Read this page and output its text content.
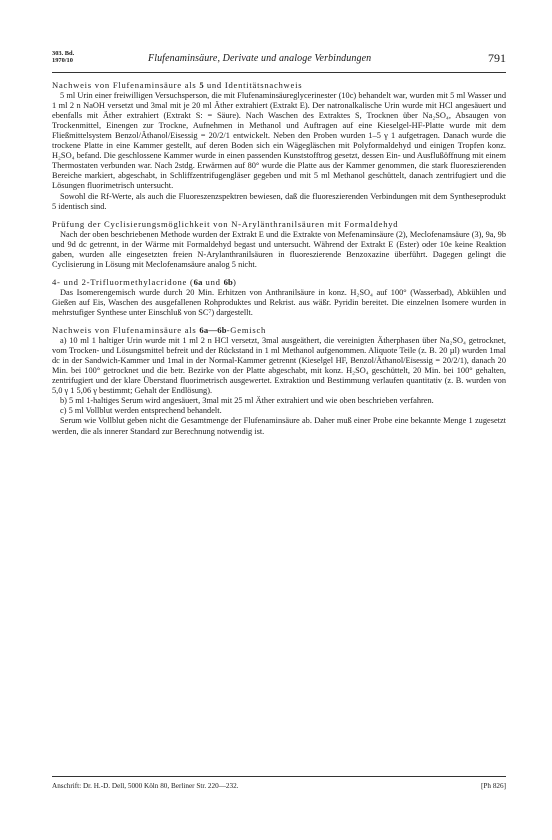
303. Bd.
1970/10	Flufenaminsäure, Derivate und analoge Verbindungen	791
Nachweis von Flufenaminsäure als 5 und Identitätsnachweis

5 ml Urin einer freiwilligen Versuchsperson, die mit Flufenaminsäureglycerinester (10c) behandelt war, wurden mit 5 ml Wasser und 1 ml 2 n NaOH versetzt und 3mal mit je 20 ml Äther extrahiert (Extrakt E). Der natronalkalische Urin wurde mit HCl angesäuert und ebenfalls mit Äther extrahiert (Extrakt S: = Säure). Nach Waschen des Extraktes S, Trocknen über Na₂SO₄, Absaugen von Trockenmittel, Einengen zur Trockne, Aufnehmen in Methanol und Auftragen auf eine Kieselgel-HF-Platte wurde mit dem Fließmittelsystem Benzol/Äthanol/Eisessig = 20/2/1 entwickelt. Neben den Proben wurden 1–5 γ 1 aufgetragen. Danach wurde die trockene Platte in eine Kammer gestellt, auf deren Boden sich ein Wägegläschen mit Polyformaldehyd und einigen Tropfen konz. H₂SO₄ befand. Die geschlossene Kammer wurde in einen passenden Kunststofftrog gesetzt, dessen Ein- und Ausflußöffnung mit einem Thermostaten verbunden war. Nach 2stdg. Erwärmen auf 80° wurde die Platte aus der Kammer genommen, die stark fluoreszierenden Bereiche markiert, abgeschabt, in Schliffzentrifugengläser gegeben und mit 5 ml Methanol geschüttelt, danach zentrifugiert und die Lösungen fluorimetrisch untersucht.

Sowohl die Rf-Werte, als auch die Fluoreszenzspektren bewiesen, daß die fluoreszierenden Verbindungen mit dem Syntheseprodukt 5 identisch sind.

Prüfung der Cyclisierungsmöglichkeit von N-Arylänthranilsäuren mit Formaldehyd

Nach der oben beschriebenen Methode wurden der Extrakt E und die Extrakte von Mefenaminsäure (2), Meclofenamsäure (3), 9a, 9b und 9d dc getrennt, in der Wärme mit Formaldehyd begast und untersucht. Während der Extrakt E (Ester) oder 10e keine Reaktion gaben, wurden alle eingesetzten freien N-Arylanthranilsäuren in fluoreszierende Benzoxazine überführt. Dagegen gelingt die Cyclisierung in Lösung mit Meclofenamsäure analog 5 nicht.

4- und 2-Trifluormethylacridone (6a und 6b)

Das Isomerengemisch wurde durch 20 Min. Erhitzen von Anthranilsäure in konz. H₂SO₄ auf 100° (Wasserbad), Abkühlen und Gießen auf Eis, Waschen des ausgefallenen Rohproduktes und Rekrist. aus wäßr. Pyridin bereitet. Die einzelnen Isomere wurden in mehrstufiger Synthese unter Einschluß von SC⁷) dargestellt.

Nachweis von Flufenaminsäure als 6a—6b-Gemisch

a) 10 ml 1 haltiger Urin wurde mit 1 ml 2 n HCl versetzt, 3mal ausgeäthert, die vereinigten Ätherphasen über Na₂SO₄ getrocknet, vom Trocken- und Lösungsmittel befreit und der Rückstand in 1 ml Methanol aufgenommen. Aliquote Teile (z. B. 20 µl) wurden 1mal dc in der Sandwich-Kammer und 1mal in der Normal-Kammer getrennt (Kieselgel HF, Benzol/Äthanol/Eisessig = 20/2/1), danach 20 Min. bei 100° getrocknet und die betr. Bezirke von der Platte abgeschabt, mit konz. H₂SO₄ geschüttelt, 20 Min. bei 100° gehalten, zentrifugiert und der klare Überstand fluorimetrisch ausgewertet. Extraktion und Bestimmung verlaufen quantitativ (z. B. wurden von 5,0 γ 1 5,06 γ bestimmt; Gehalt der Endlösung).

b) 5 ml 1-haltiges Serum wird angesäuert, 3mal mit 25 ml Äther extrahiert und wie oben beschrieben verfahren.

c) 5 ml Vollblut werden entsprechend behandelt.

Serum wie Vollblut geben nicht die Gesamtmenge der Flufenaminsäure ab. Daher muß einer Probe eine bekannte Menge 1 zugesetzt werden, die als innerer Standard zur Berechnung notwendig ist.

Anschrift: Dr. H.-D. Dell, 5000 Köln 80, Berliner Str. 220—232.	[Ph 826]
